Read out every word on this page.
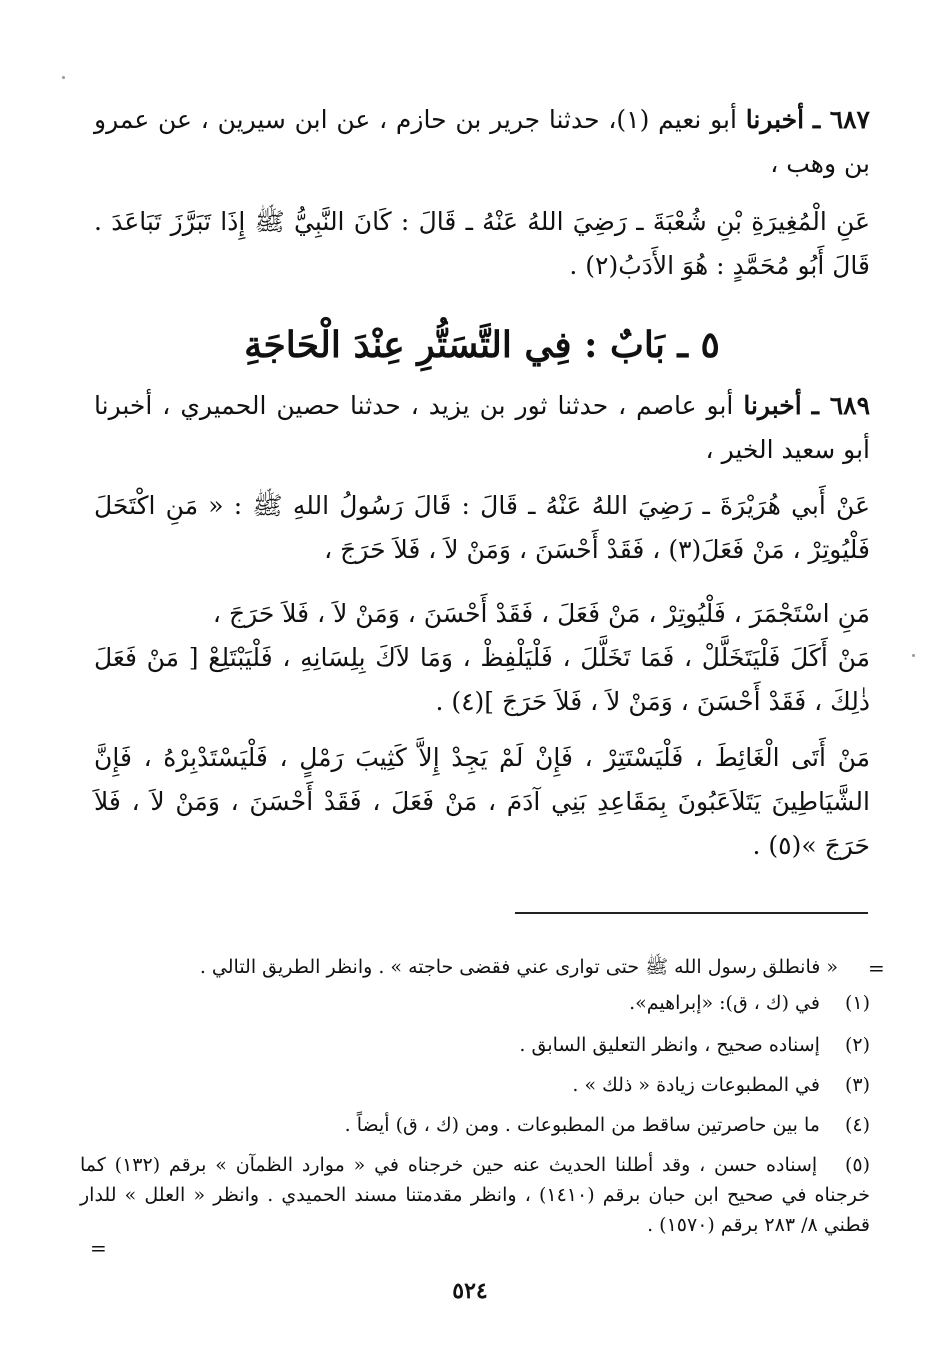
٦٨٧ ـ أخبرنا أبو نعيم (١)، حدثنا جرير بن حازم ، عن ابن سيرين ، عن عمرو بن وهب ،

عَنِ الْمُغِيرَةِ بْنِ شُعْبَةَ ـ رَضِيَ اللهُ عَنْهُ ـ قَالَ : كَانَ النَّبِيُّ ﷺ إِذَا تَبَرَّزَ تَبَاعَدَ . قَالَ أَبُو مُحَمَّدٍ : هُوَ الأَدَبُ(٢) .

٥ ـ بَابٌ : فِي التَّسَتُّرِ عِنْدَ الْحَاجَةِ

٦٨٩ ـ أخبرنا أبو عاصم ، حدثنا ثور بن يزيد ، حدثنا حصين الحميري ، أخبرنا أبو سعيد الخير ،

عَنْ أَبي هُرَيْرَةَ ـ رَضِيَ اللهُ عَنْهُ ـ قَالَ : قَالَ رَسُولُ اللهِ ﷺ : « مَنِ اكْتَحَلَ فَلْيُوتِرْ ، مَنْ فَعَلَ(٣) ، فَقَدْ أَحْسَنَ ، وَمَنْ لاَ ، فَلاَ حَرَجَ ،

مَنِ اسْتَجْمَرَ ، فَلْيُوتِرْ ، مَنْ فَعَلَ ، فَقَدْ أَحْسَنَ ، وَمَنْ لاَ ، فَلاَ حَرَجَ ،

مَنْ أَكَلَ فَلْيَتَخَلَّلْ ، فَمَا تَخَلَّلَ ، فَلْيَلْفِظْ ، وَمَا لاَكَ بِلِسَانِهِ ، فَلْيَبْتَلِعْ [ مَنْ فَعَلَ ذٰلِكَ ، فَقَدْ أَحْسَنَ ، وَمَنْ لاَ ، فَلاَ حَرَجَ ](٤) .

مَنْ أَتَى الْغَائِطَ ، فَلْيَسْتَتِرْ ، فَإِنْ لَمْ يَجِدْ إِلاَّ كَثِيبَ رَمْلٍ ، فَلْيَسْتَدْبِرْهُ ، فَإِنَّ الشَّيَاطِينَ يَتَلاَعَبُونَ بِمَقَاعِدِ بَنِي آدَمَ ، مَنْ فَعَلَ ، فَقَدْ أَحْسَنَ ، وَمَنْ لاَ ، فَلاَ حَرَجَ »(٥) .

=
« فانطلق رسول الله ﷺ حتى توارى عني فقضى حاجته » . وانظر الطريق التالي .

(١) في (ك ، ق): «إبراهيم».

(٢) إسناده صحيح ، وانظر التعليق السابق .

(٣) في المطبوعات زيادة « ذلك » .

(٤) ما بين حاصرتين ساقط من المطبوعات . ومن (ك ، ق) أيضاً .

(٥) إسناده حسن ، وقد أطلنا الحديث عنه حين خرجناه في « موارد الظمآن » برقم (١٣٢) كما خرجناه في صحيح ابن حبان برقم (١٤١٠) ، وانظر مقدمتنا مسند الحميدي . وانظر « العلل » للدار قطني ٨/ ٢٨٣ برقم (١٥٧٠) .

=
٥٢٤
